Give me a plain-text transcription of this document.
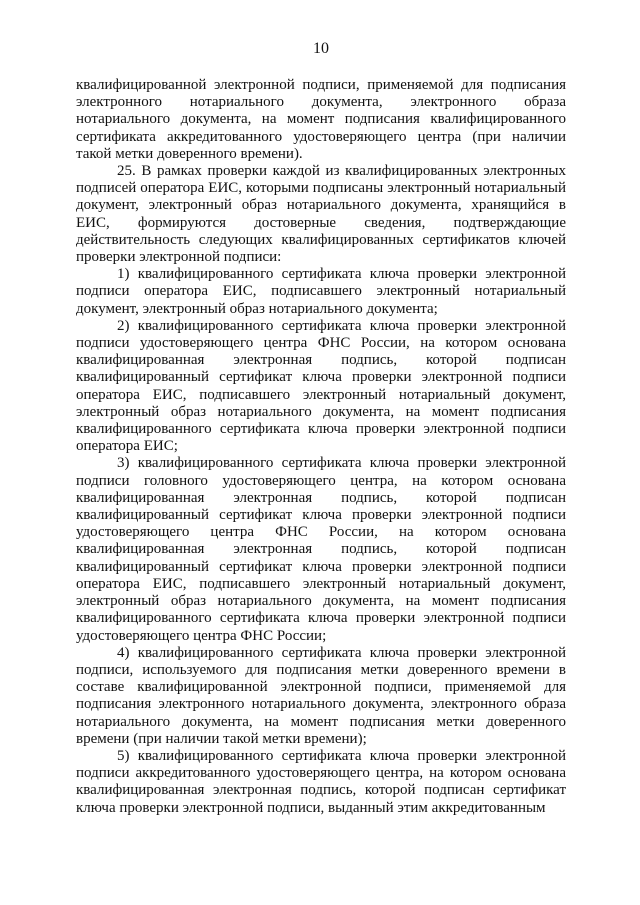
10

квалифицированной электронной подписи, применяемой для подписания электронного нотариального документа, электронного образа нотариального документа, на момент подписания квалифицированного сертификата аккредитованного удостоверяющего центра (при наличии такой метки доверенного времени).

25. В рамках проверки каждой из квалифицированных электронных подписей оператора ЕИС, которыми подписаны электронный нотариальный документ, электронный образ нотариального документа, хранящийся в ЕИС, формируются достоверные сведения, подтверждающие действительность следующих квалифицированных сертификатов ключей проверки электронной подписи:

1) квалифицированного сертификата ключа проверки электронной подписи оператора ЕИС, подписавшего электронный нотариальный документ, электронный образ нотариального документа;

2) квалифицированного сертификата ключа проверки электронной подписи удостоверяющего центра ФНС России, на котором основана квалифицированная электронная подпись, которой подписан квалифицированный сертификат ключа проверки электронной подписи оператора ЕИС, подписавшего электронный нотариальный документ, электронный образ нотариального документа, на момент подписания квалифицированного сертификата ключа проверки электронной подписи оператора ЕИС;

3) квалифицированного сертификата ключа проверки электронной подписи головного удостоверяющего центра, на котором основана квалифицированная электронная подпись, которой подписан квалифицированный сертификат ключа проверки электронной подписи удостоверяющего центра ФНС России, на котором основана квалифицированная электронная подпись, которой подписан квалифицированный сертификат ключа проверки электронной подписи оператора ЕИС, подписавшего электронный нотариальный документ, электронный образ нотариального документа, на момент подписания квалифицированного сертификата ключа проверки электронной подписи удостоверяющего центра ФНС России;

4) квалифицированного сертификата ключа проверки электронной подписи, используемого для подписания метки доверенного времени в составе квалифицированной электронной подписи, применяемой для подписания электронного нотариального документа, электронного образа нотариального документа, на момент подписания метки доверенного времени (при наличии такой метки времени);

5) квалифицированного сертификата ключа проверки электронной подписи аккредитованного удостоверяющего центра, на котором основана квалифицированная электронная подпись, которой подписан сертификат ключа проверки электронной подписи, выданный этим аккредитованным
